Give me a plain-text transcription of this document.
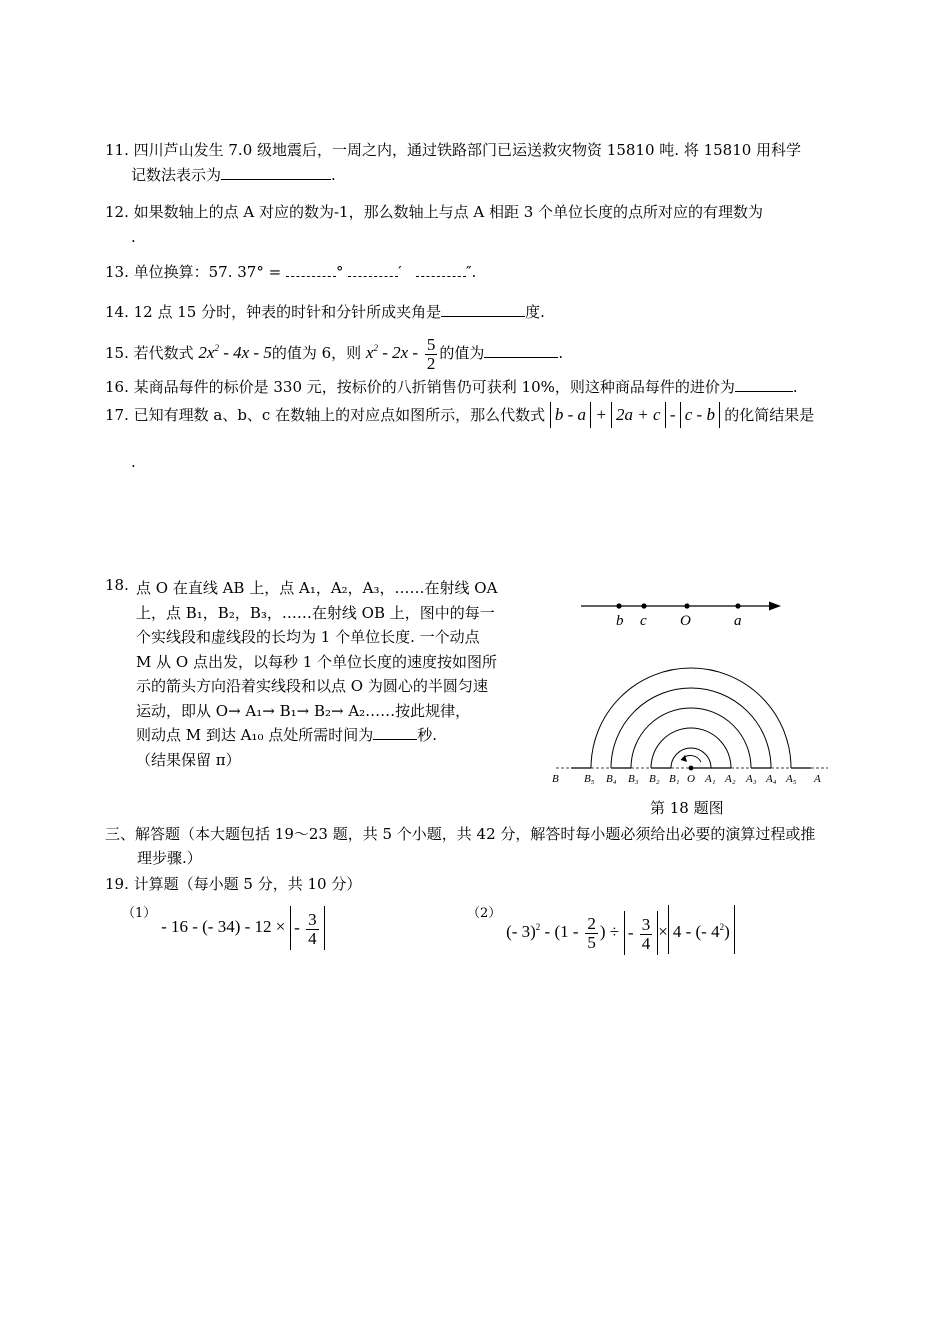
11. 四川芦山发生 7.0 级地震后，一周之内，通过铁路部门已运送救灾物资 15810 吨. 将 15810 用科学
记数法表示为	.
12. 如果数轴上的点 A 对应的数为-1，那么数轴上与点 A 相距 3 个单位长度的点所对应的有理数为
.
13. 单位换算：57. 37° =	°	′	″.
14. 12 点 15 分时，钟表的时针和分针所成夹角是	度.
15. 若代数式 $2x^2 - 4x - 5$的值为 6，则 $x^2 - 2x - \frac{5}{2}$ 的值为	.
16. 某商品每件的标价是 330 元，按标价的八折销售仍可获利 10%，则这种商品每件的进价为	.
17. 已知有理数 a、b、c 在数轴上的对应点如图所示，那么代数式 b - a + 2a + c - c - b 的化简结果是
.
18. 点 O 在直线 AB 上，点 A₁，A₂，A₃，……在射线 OA
上，点 B₁，B₂，B₃，……在射线 OB 上，图中的每一
个实线段和虚线段的长均为 1 个单位长度. 一个动点
M 从 O 点出发，以每秒 1 个单位长度的速度按如图所
示的箭头方向沿着实线段和以点 O 为圆心的半圆匀速
运动，即从 O→ A₁→ B₁→ B₂→ A₂……按此规律，
则动点 M 到达 A₁₀ 点处所需时间为	秒.
（结果保留 π）
b c O	a
B B₅ B₄ B₃ B₂ B₁ O A₁ A₂ A₃ A₄ A₅ A
第 18 题图
三、解答题（本大题包括 19～23 题，共 5 个小题，共 42 分，解答时每小题必须给出必要的演算过程或推
理步骤.）
19. 计算题（每小题 5 分，共 10 分）
（1） - 16 - (- 34) - 12 × - $\frac{3}{4}$	（2） (- $3)^2 - (1 - \frac{2}{5}$ ) ÷ - $\frac{3}{4} \times 4$ - (- $4^2$)
